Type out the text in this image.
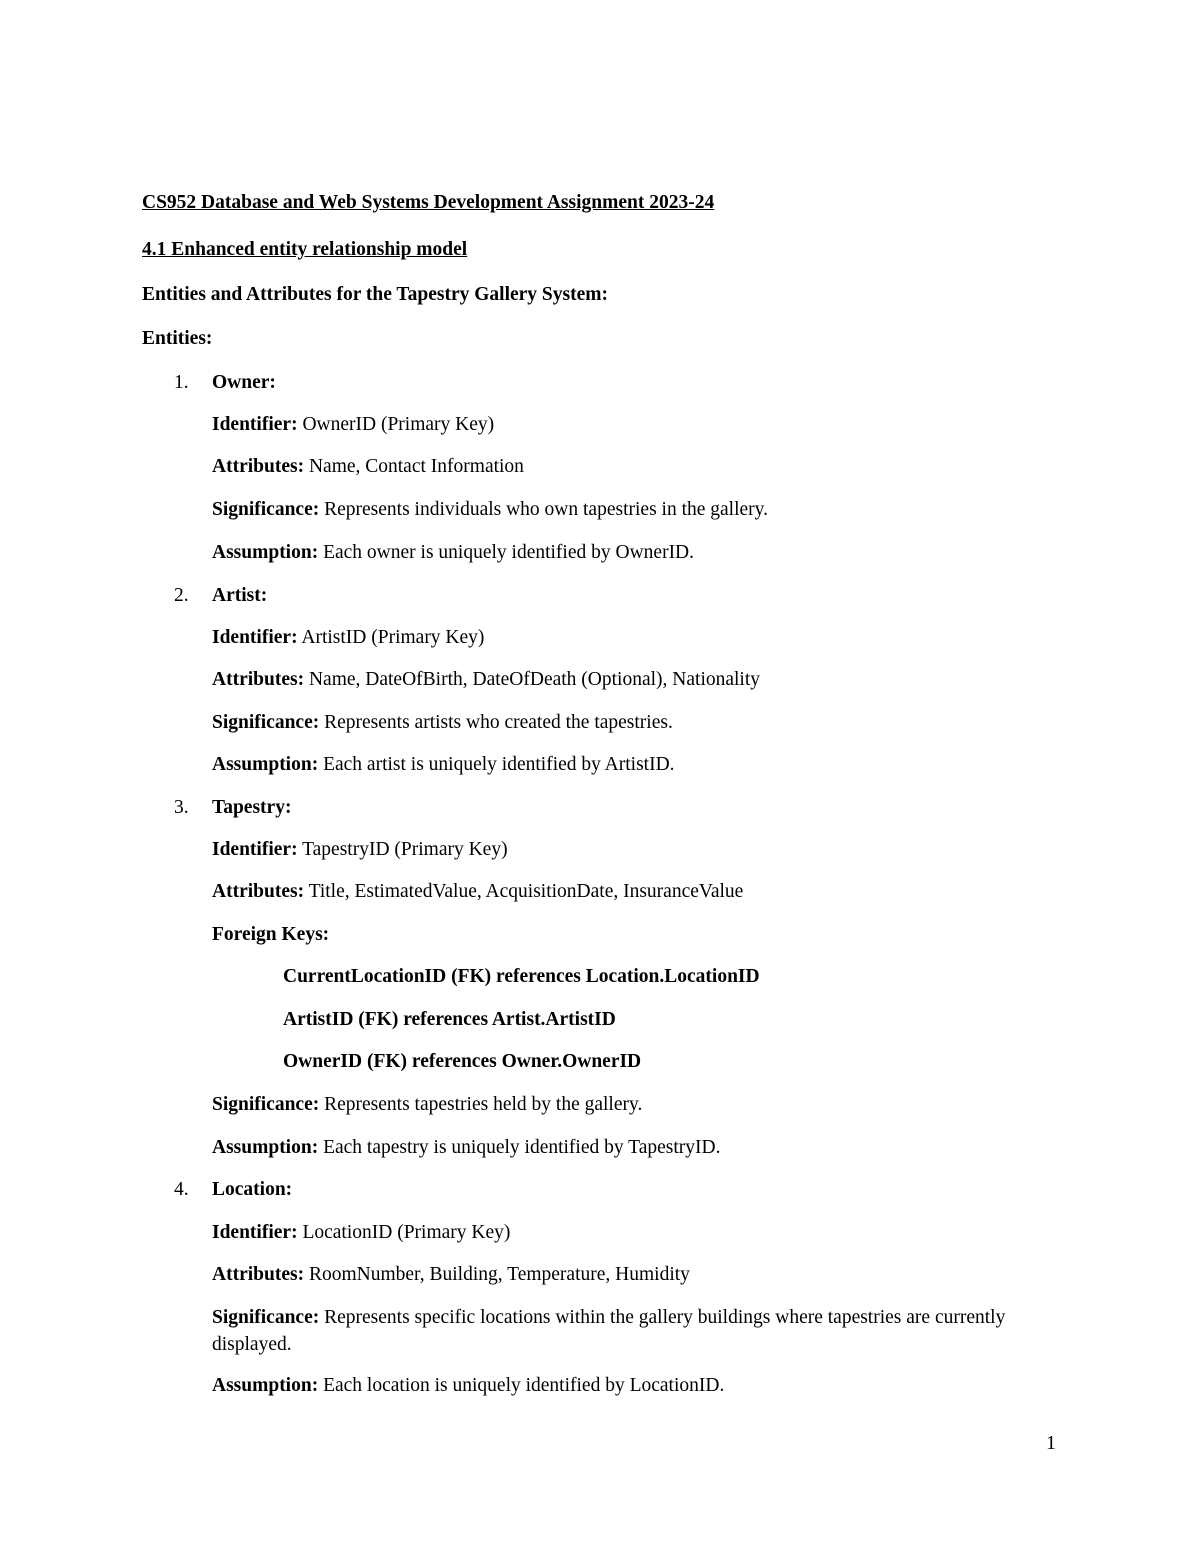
CS952 Database and Web Systems Development Assignment 2023-24
4.1 Enhanced entity relationship model
Entities and Attributes for the Tapestry Gallery System:
Entities:
1. Owner:
Identifier: OwnerID (Primary Key)
Attributes: Name, Contact Information
Significance: Represents individuals who own tapestries in the gallery.
Assumption: Each owner is uniquely identified by OwnerID.
2. Artist:
Identifier: ArtistID (Primary Key)
Attributes: Name, DateOfBirth, DateOfDeath (Optional), Nationality
Significance: Represents artists who created the tapestries.
Assumption: Each artist is uniquely identified by ArtistID.
3. Tapestry:
Identifier: TapestryID (Primary Key)
Attributes: Title, EstimatedValue, AcquisitionDate, InsuranceValue
Foreign Keys:
CurrentLocationID (FK) references Location.LocationID
ArtistID (FK) references Artist.ArtistID
OwnerID (FK) references Owner.OwnerID
Significance: Represents tapestries held by the gallery.
Assumption: Each tapestry is uniquely identified by TapestryID.
4. Location:
Identifier: LocationID (Primary Key)
Attributes: RoomNumber, Building, Temperature, Humidity
Significance: Represents specific locations within the gallery buildings where tapestries are currently displayed.
Assumption: Each location is uniquely identified by LocationID.
1
